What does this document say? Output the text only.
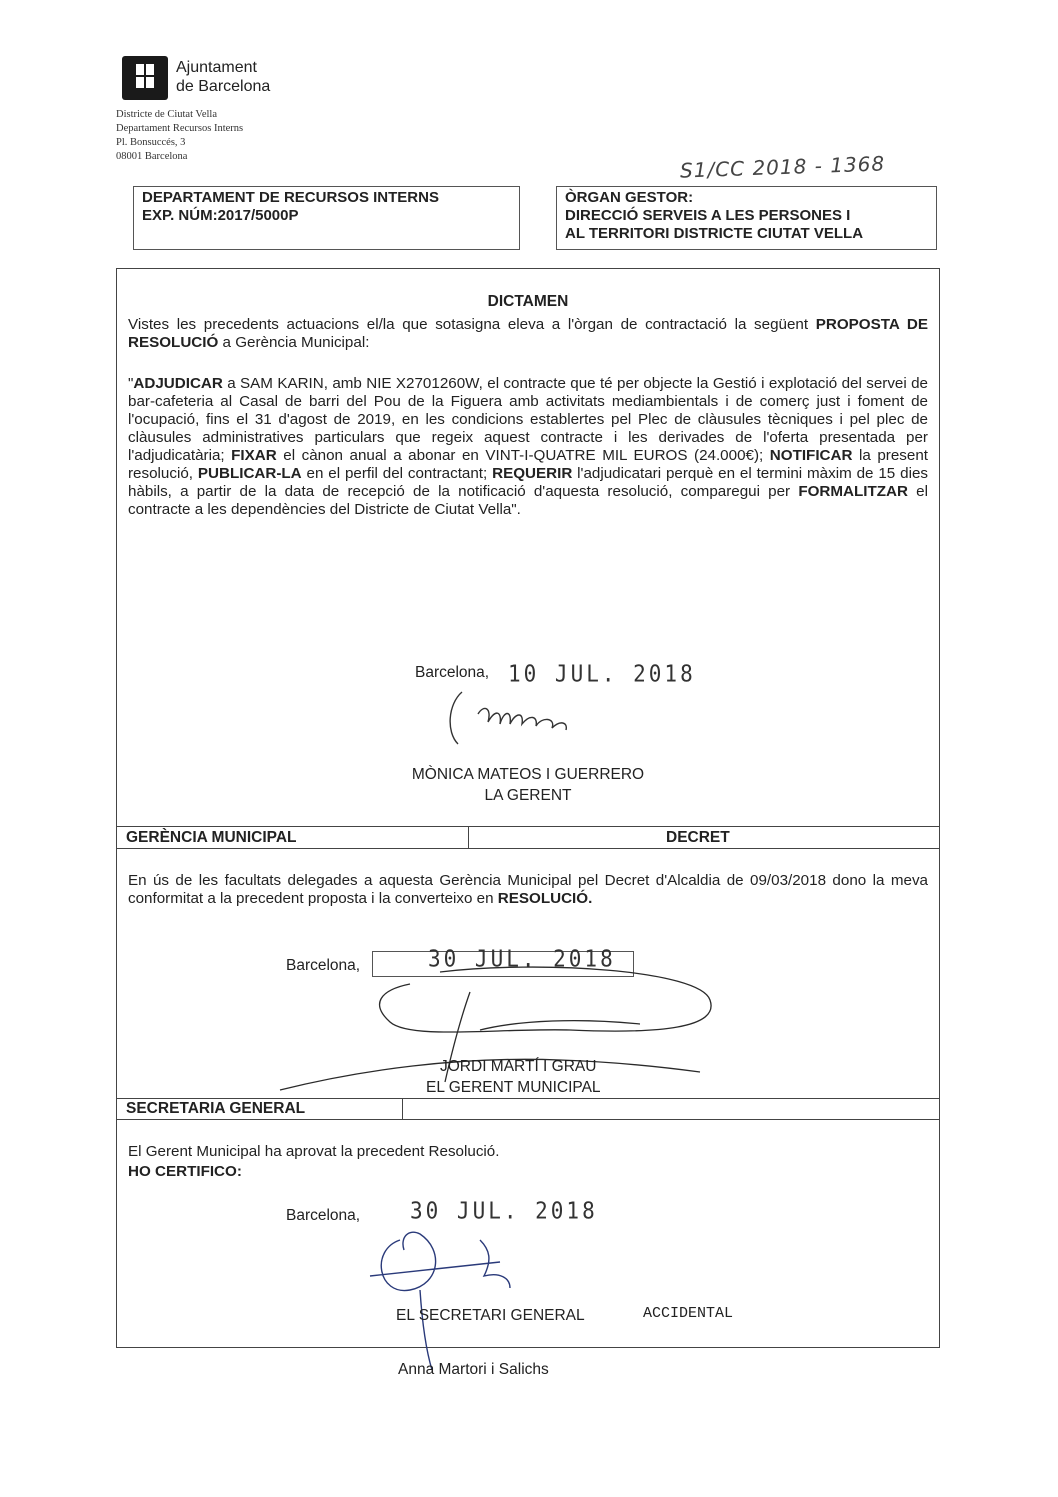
Ajuntament
de Barcelona
Districte de Ciutat Vella
Departament Recursos Interns
Pl. Bonsuccés, 3
08001 Barcelona	S1/CC 2018 - 1368
DEPARTAMENT DE RECURSOS INTERNS
EXP. NÚM:2017/5000P
ÒRGAN GESTOR:
DIRECCIÓ SERVEIS A LES PERSONES I
AL TERRITORI DISTRICTE CIUTAT VELLA
DICTAMEN
Vistes les precedents actuacions el/la que sotasigna eleva a l'òrgan de contractació la següent PROPOSTA DE RESOLUCIÓ a Gerència Municipal:
"ADJUDICAR a SAM KARIN, amb NIE X2701260W, el contracte que té per objecte la Gestió i explotació del servei de bar-cafeteria al Casal de barri del Pou de la Figuera amb activitats mediambientals i de comerç just i foment de l'ocupació, fins el 31 d'agost de 2019, en les condicions establertes pel Plec de clàusules tècniques i pel plec de clàusules administratives particulars que regeix aquest contracte i les derivades de l'oferta presentada per l'adjudicatària; FIXAR el cànon anual a abonar en VINT-I-QUATRE MIL EUROS (24.000€); NOTIFICAR la present resolució, PUBLICAR-LA en el perfil del contractant; REQUERIR l'adjudicatari perquè en el termini màxim de 15 dies hàbils, a partir de la data de recepció de la notificació d'aquesta resolució, comparegui per FORMALITZAR el contracte a les dependències del Districte de Ciutat Vella".
Barcelona, 10 JUL. 2018
MÒNICA MATEOS I GUERRERO
LA GERENT
GERÈNCIA MUNICIPAL	DECRET
En ús de les facultats delegades a aquesta Gerència Municipal pel Decret d'Alcaldia de 09/03/2018 dono la meva conformitat a la precedent proposta i la converteixo en RESOLUCIÓ.
Barcelona,	30 JUL. 2018
JORDI MARTÍ I GRAU
EL GERENT MUNICIPAL
SECRETARIA GENERAL
El Gerent Municipal ha aprovat la precedent Resolució.
HO CERTIFICO:
Barcelona, 30 JUL. 2018
EL SECRETARI GENERAL	ACCIDENTAL
Anna Martori i Salichs
